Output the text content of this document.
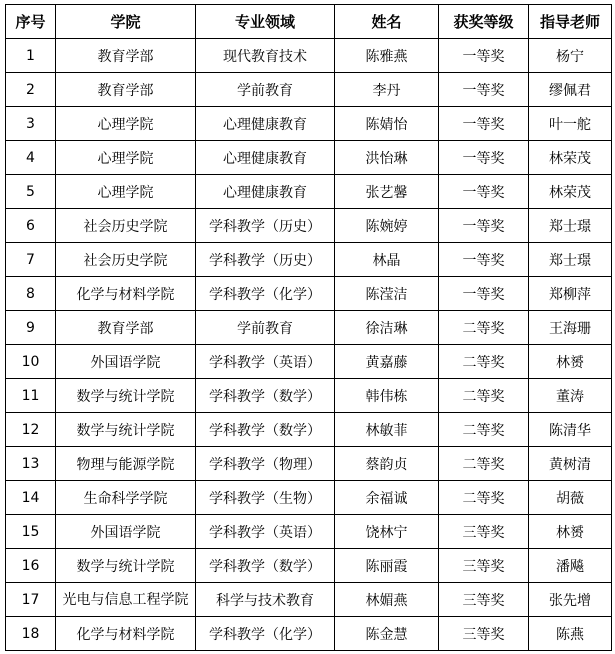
序号	学院	专业领域	姓名	获奖等级	指导老师
1	教育学部	现代教育技术	陈雅燕	一等奖	杨宁
2	教育学部	学前教育	李丹	一等奖	缪佩君
3	心理学院	心理健康教育	陈婧怡	一等奖	叶一舵
4	心理学院	心理健康教育	洪怡琳	一等奖	林荣茂
5	心理学院	心理健康教育	张艺馨	一等奖	林荣茂
6	社会历史学院	学科教学（历史）	陈婉婷	一等奖	郑士璟
7	社会历史学院	学科教学（历史）	林晶	一等奖	郑士璟
8	化学与材料学院	学科教学（化学）	陈滢洁	一等奖	郑柳萍
9	教育学部	学前教育	徐洁琳	二等奖	王海珊
10	外国语学院	学科教学（英语）	黄嘉藤	二等奖	林赟
11	数学与统计学院	学科教学（数学）	韩伟栋	二等奖	董涛
12	数学与统计学院	学科教学（数学）	林敏菲	二等奖	陈清华
13	物理与能源学院	学科教学（物理）	蔡韵贞	二等奖	黄树清
14	生命科学学院	学科教学（生物）	余福诚	二等奖	胡薇
15	外国语学院	学科教学（英语）	饶林宁	三等奖	林赟
16	数学与统计学院	学科教学（数学）	陈丽霞	三等奖	潘飚
17	光电与信息工程学院	科学与技术教育	林媚燕	三等奖	张先增
18	化学与材料学院	学科教学（化学）	陈金慧	三等奖	陈燕
